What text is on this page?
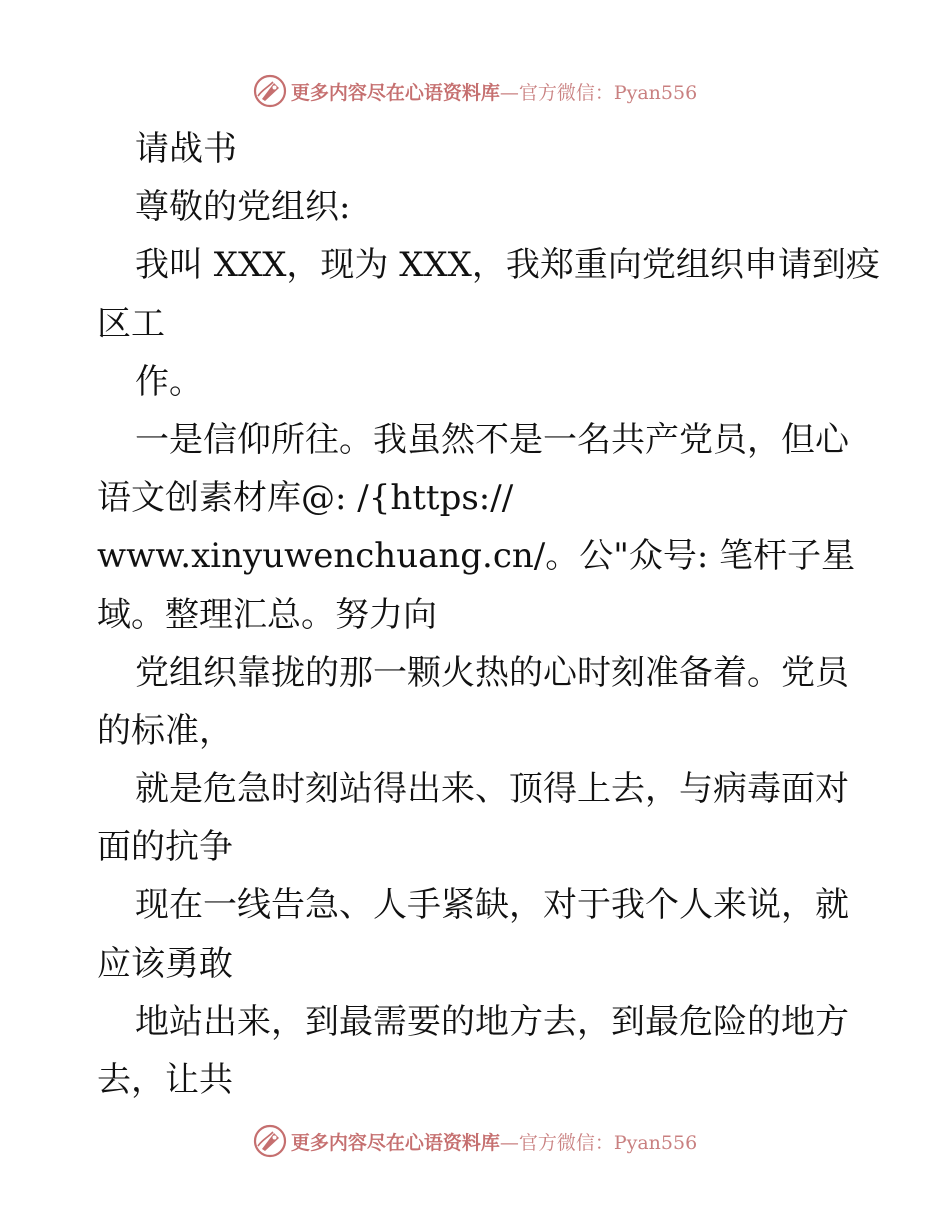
更多内容尽在心语资料库—官方微信：Pyan556
请战书
尊敬的党组织:
我叫 XXX，现为 XXX，我郑重向党组织申请到疫
区工
作。
一是信仰所往。我虽然不是一名共产党员，但心
语文创素材库@: /{https://
www.xinyuwenchuang.cn/。公"众号: 笔杆子星
域。整理汇总。努力向
党组织靠拢的那一颗火热的心时刻准备着。党员
的标准，
就是危急时刻站得出来、顶得上去，与病毒面对
面的抗争
现在一线告急、人手紧缺，对于我个人来说，就
应该勇敢
地站出来，到最需要的地方去，到最危险的地方
去，让共
更多内容尽在心语资料库—官方微信：Pyan556
